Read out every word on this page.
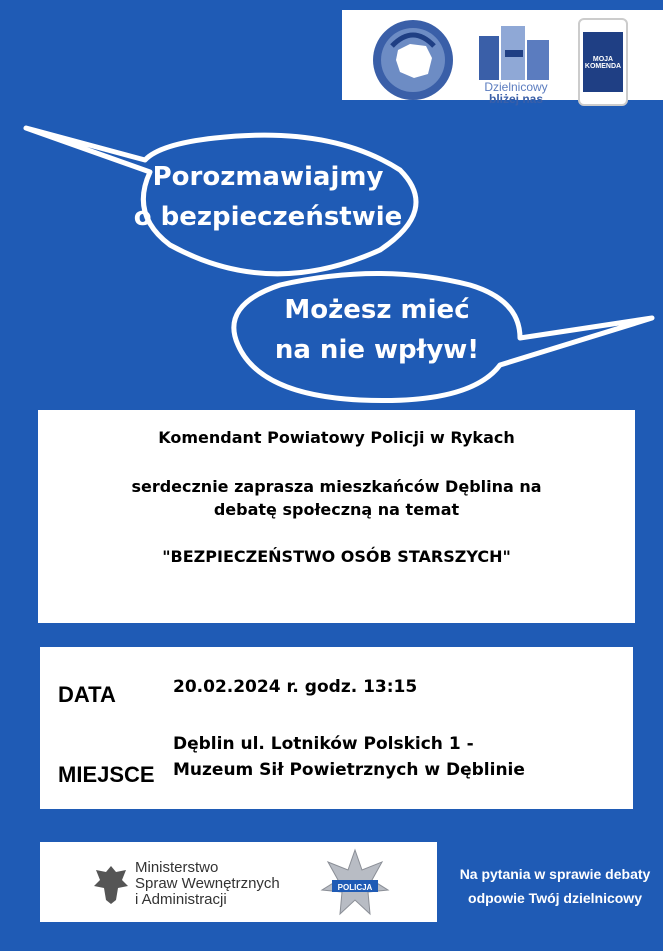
Dzielnicowy
bliżej nas
MOJA
KOMENDA
Porozmawiajmy
o bezpieczeństwie
Możesz mieć
na nie wpływ!

Komendant Powiatowy Policji w Rykach

serdecznie zaprasza mieszkańców Dęblina na

debatę społeczną na temat

"BEZPIECZEŃSTWO OSÓB STARSZYCH"

DATA	20.02.2024 r. godz. 13:15
Dęblin ul. Lotników Polskich 1 -
MIEJSCE Muzeum Sił Powietrznych w Dęblinie
Ministerstwo
Spraw Wewnętrznych
i Administracji
POLICJA
Na pytania w sprawie debaty
odpowie Twój dzielnicowy
